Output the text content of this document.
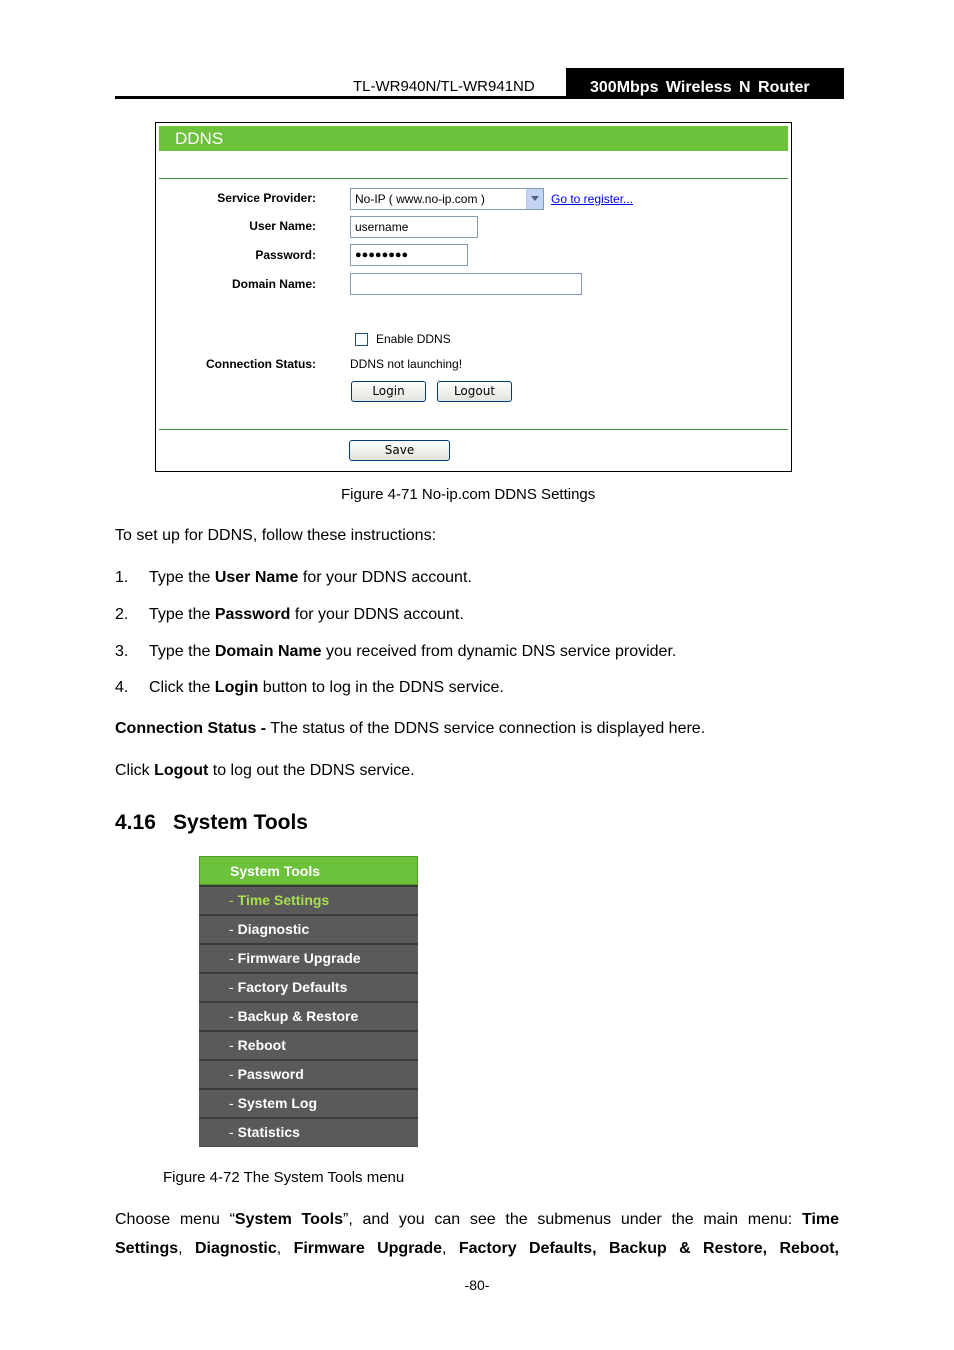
TL-WR940N/TL-WR941ND	300Mbps Wireless N Router
DDNS
Service Provider:	No-IP ( www.no-ip.com )	Go to register...
User Name:	username
Password:	●●●●●●●●
Domain Name:
Enable DDNS
Connection Status:	DDNS not launching!
Login	Logout
Save
Figure 4-71 No-ip.com DDNS Settings
To set up for DDNS, follow these instructions:
1. Type the User Name for your DDNS account.
2. Type the Password for your DDNS account.
3. Type the Domain Name you received from dynamic DNS service provider.
4. Click the Login button to log in the DDNS service.
Connection Status - The status of the DDNS service connection is displayed here.
Click Logout to log out the DDNS service.
4.16 System Tools
System Tools
- Time Settings
- Diagnostic
- Firmware Upgrade
- Factory Defaults
- Backup & Restore
- Reboot
- Password
- System Log
- Statistics
Figure 4-72 The System Tools menu
Choose  menu  “System  Tools”,  and  you  can  see  the  submenus  under  the  main  menu:  Time
Settings,  Diagnostic,  Firmware  Upgrade,  Factory  Defaults,  Backup  &  Restore,  Reboot,
-80-
